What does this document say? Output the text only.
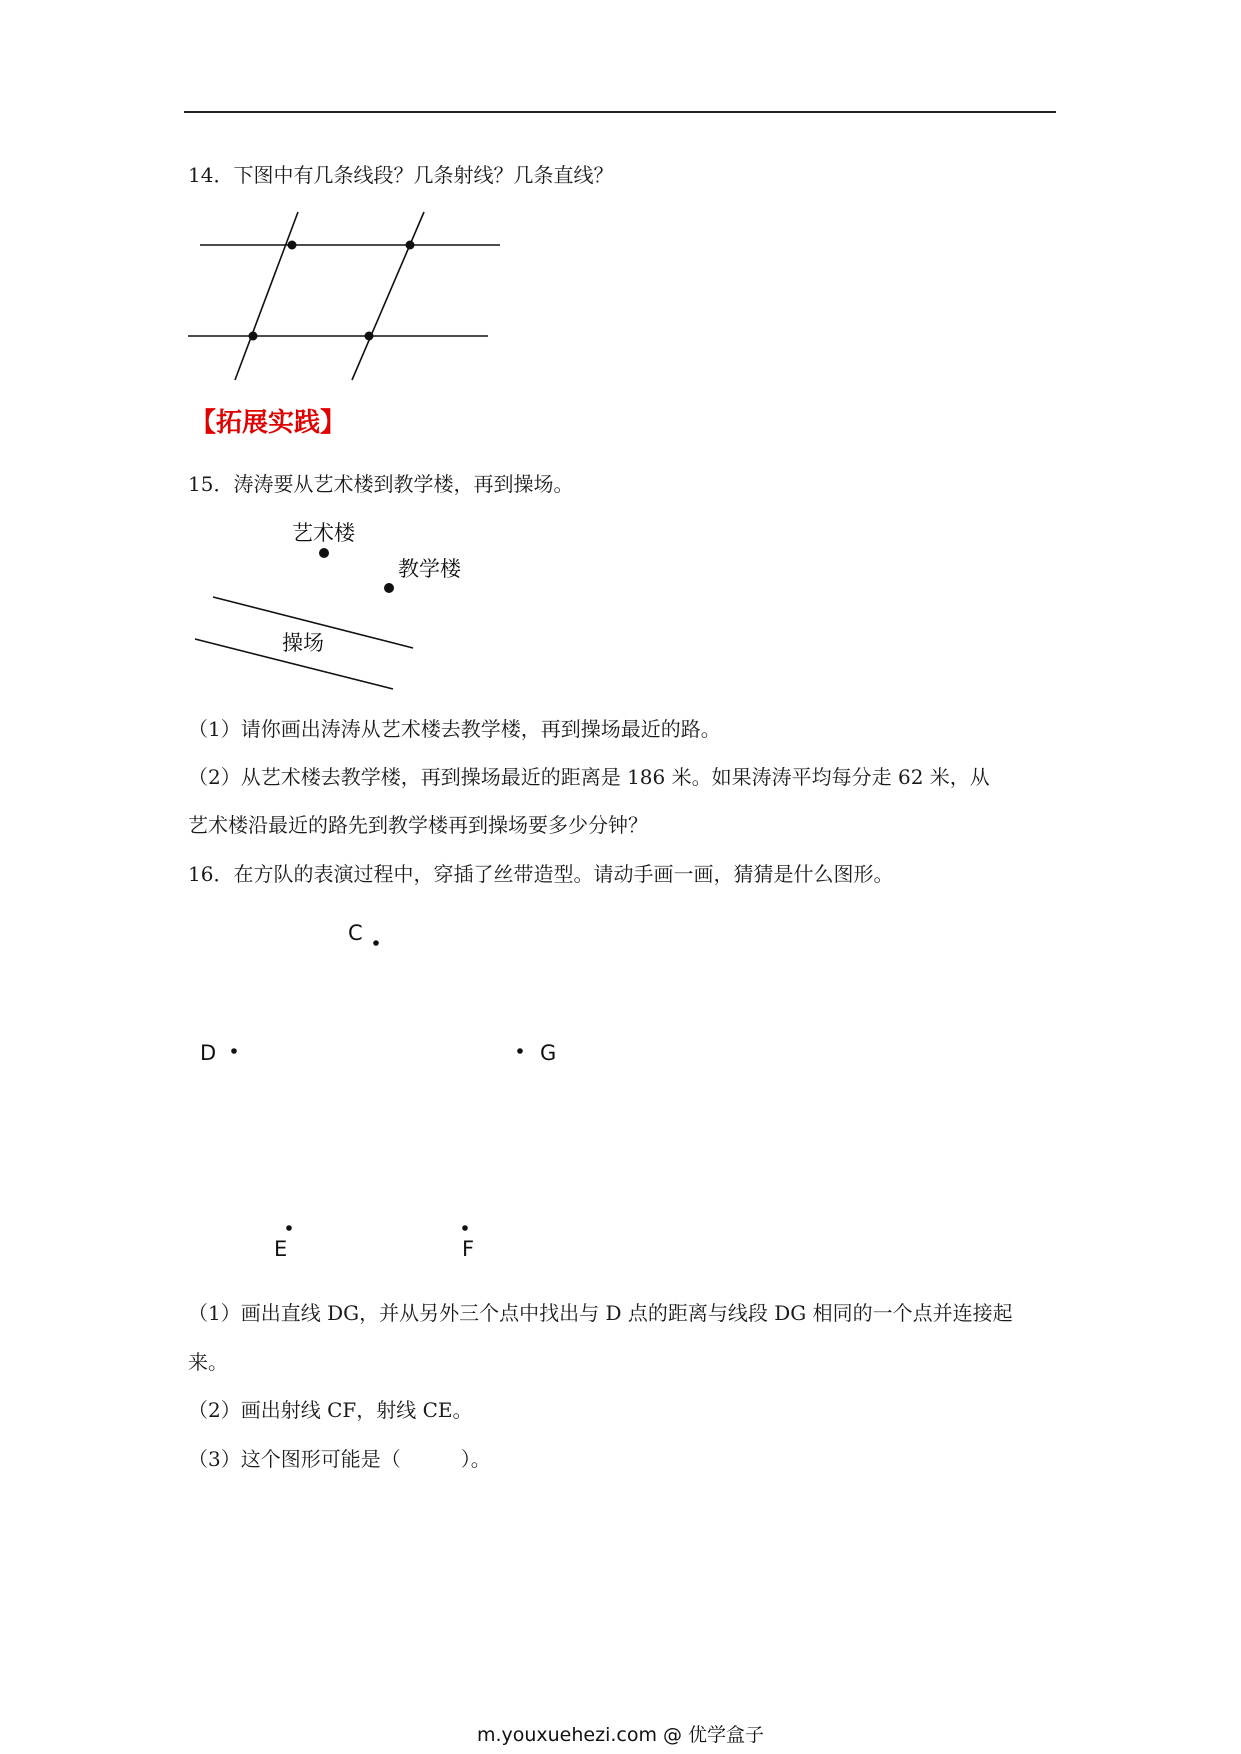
14．下图中有几条线段？几条射线？几条直线？
【拓展实践】
15．涛涛要从艺术楼到教学楼，再到操场。
艺术楼
教学楼
操场
（1）请你画出涛涛从艺术楼去教学楼，再到操场最近的路。
（2）从艺术楼去教学楼，再到操场最近的距离是 186 米。如果涛涛平均每分走 62 米，从
艺术楼沿最近的路先到教学楼再到操场要多少分钟？
16．在方队的表演过程中，穿插了丝带造型。请动手画一画，猜猜是什么图形。
C
D	G
E	F
（1）画出直线 DG，并从另外三个点中找出与 D 点的距离与线段 DG 相同的一个点并连接起
来。
（2）画出射线 CF，射线 CE。
（3）这个图形可能是（　　　）。
m.youxuehezi.com @ 优学盒子
